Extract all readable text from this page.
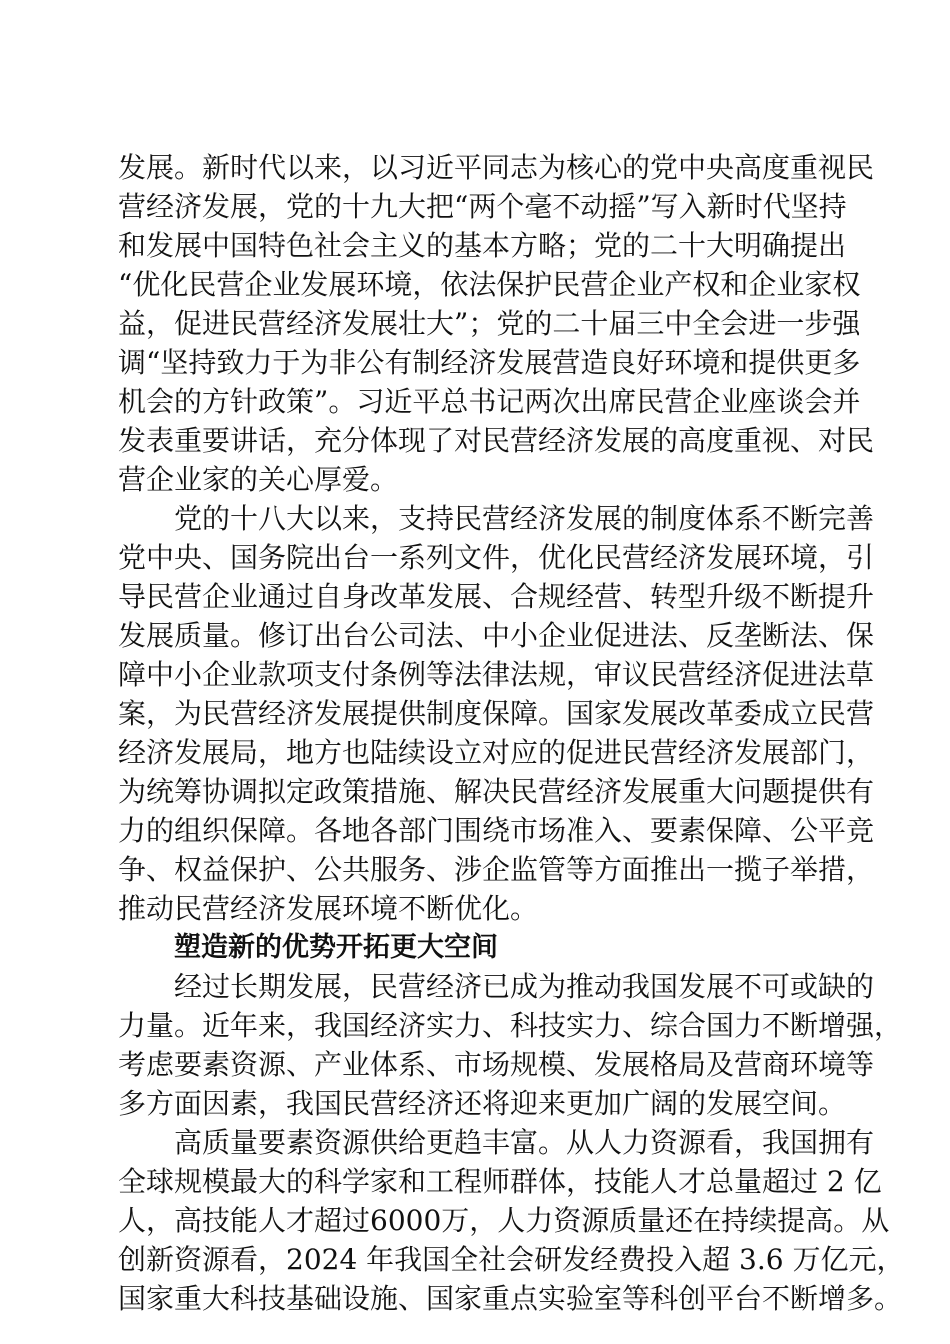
发展。新时代以来，以习近平同志为核心的党中央高度重视民
营经济发展，党的十九大把“两个毫不动摇”写入新时代坚持
和发展中国特色社会主义的基本方略；党的二十大明确提出
“优化民营企业发展环境，依法保护民营企业产权和企业家权
益，促进民营经济发展壮大”；党的二十届三中全会进一步强
调“坚持致力于为非公有制经济发展营造良好环境和提供更多
机会的方针政策”。习近平总书记两次出席民营企业座谈会并
发表重要讲话，充分体现了对民营经济发展的高度重视、对民
营企业家的关心厚爱。
党的十八大以来，支持民营经济发展的制度体系不断完善
党中央、国务院出台一系列文件，优化民营经济发展环境，引
导民营企业通过自身改革发展、合规经营、转型升级不断提升
发展质量。修订出台公司法、中小企业促进法、反垄断法、保
障中小企业款项支付条例等法律法规，审议民营经济促进法草
案，为民营经济发展提供制度保障。国家发展改革委成立民营
经济发展局，地方也陆续设立对应的促进民营经济发展部门，
为统筹协调拟定政策措施、解决民营经济发展重大问题提供有
力的组织保障。各地各部门围绕市场准入、要素保障、公平竞
争、权益保护、公共服务、涉企监管等方面推出一揽子举措，
推动民营经济发展环境不断优化。
塑造新的优势开拓更大空间
经过长期发展，民营经济已成为推动我国发展不可或缺的
力量。近年来，我国经济实力、科技实力、综合国力不断增强，
考虑要素资源、产业体系、市场规模、发展格局及营商环境等
多方面因素，我国民营经济还将迎来更加广阔的发展空间。
高质量要素资源供给更趋丰富。从人力资源看，我国拥有
全球规模最大的科学家和工程师群体，技能人才总量超过 2 亿
人，高技能人才超过6000万，人力资源质量还在持续提高。从
创新资源看，2024 年我国全社会研发经费投入超 3.6 万亿元，
国家重大科技基础设施、国家重点实验室等科创平台不断增多。
